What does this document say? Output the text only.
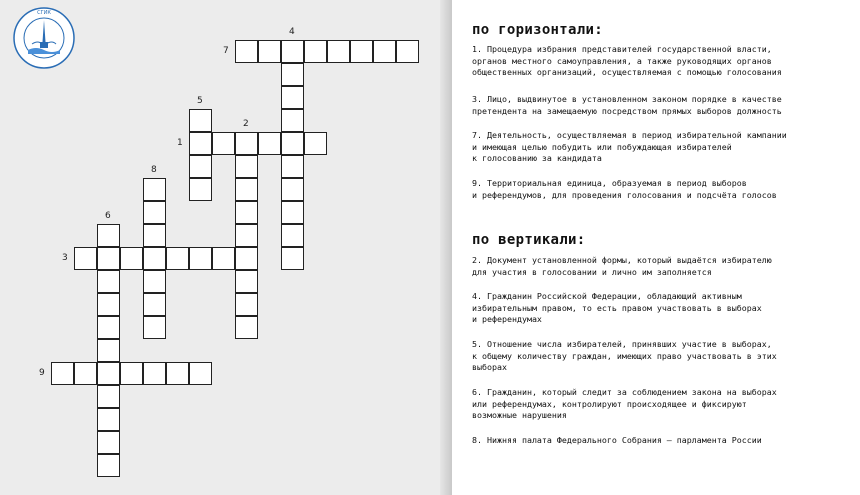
СГИК
7
4
1
5
2
8
6
3
9
по горизонтали:
1. Процедура избрания представителей государственной власти,
органов местного самоуправления, а также руководящих органов
общественных организаций, осуществляемая с помощью голосования
3. Лицо, выдвинутое в установленном законом порядке в качестве
претендента на замещаемую посредством прямых выборов должность
7. Деятельность, осуществляемая в период избирательной кампании
и имеющая целью побудить или побуждающая избирателей
к голосованию за кандидата
9. Территориальная единица, образуемая в период выборов
и референдумов, для проведения голосования и подсчёта голосов
по вертикали:
2. Документ установленной формы, который выдаётся избирателю
для участия в голосовании и лично им заполняется
4. Гражданин Российской Федерации, обладающий активным
избирательным правом, то есть правом участвовать в выборах
и референдумах
5. Отношение числа избирателей, принявших участие в выборах,
к общему количеству граждан, имеющих право участвовать в этих
выборах
6. Гражданин, который следит за соблюдением закона на выборах
или референдумах, контролируют происходящее и фиксируют
возможные нарушения
8. Нижняя палата Федерального Собрания — парламента России
